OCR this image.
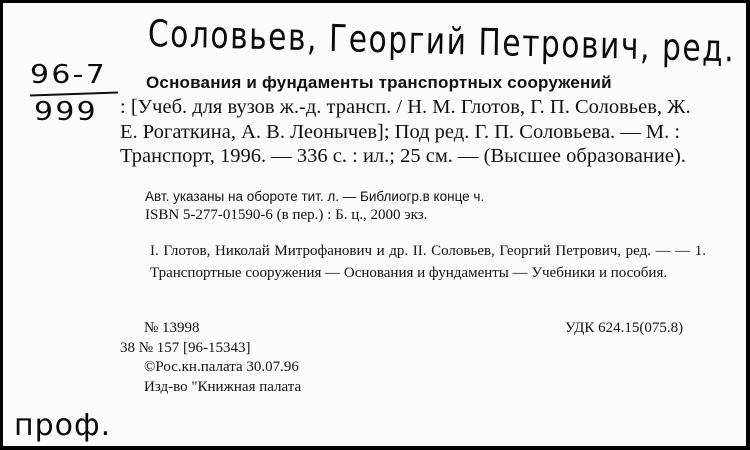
Соловьев, Георгий Петрович, ред.
96-7
999
Основания и фундаменты транспортных сооружений
: [Учеб. для вузов ж.-д. трансп. / Н. М. Глотов, Г. П. Соловьев, Ж. Е. Рогаткина, А. В. Леонычев]; Под ред. Г. П. Соловьева. — М. : Транспорт, 1996. — 336 с. : ил.; 25 см. — (Высшее образование).
Авт. указаны на обороте тит. л. — Библиогр.в конце ч.
ISBN 5-277-01590-6 (в пер.) : Б. ц., 2000 экз.
I. Глотов, Николай Митрофанович и др. II. Соловьев, Георгий Петрович, ред. — — 1. Транспортные сооружения — Основания и фундаменты — Учебники и пособия.
№ 13998	УДК 624.15(075.8)
38 № 157 [96-15343]
©Рос.кн.палата 30.07.96
Изд-во "Книжная палата
проф.
